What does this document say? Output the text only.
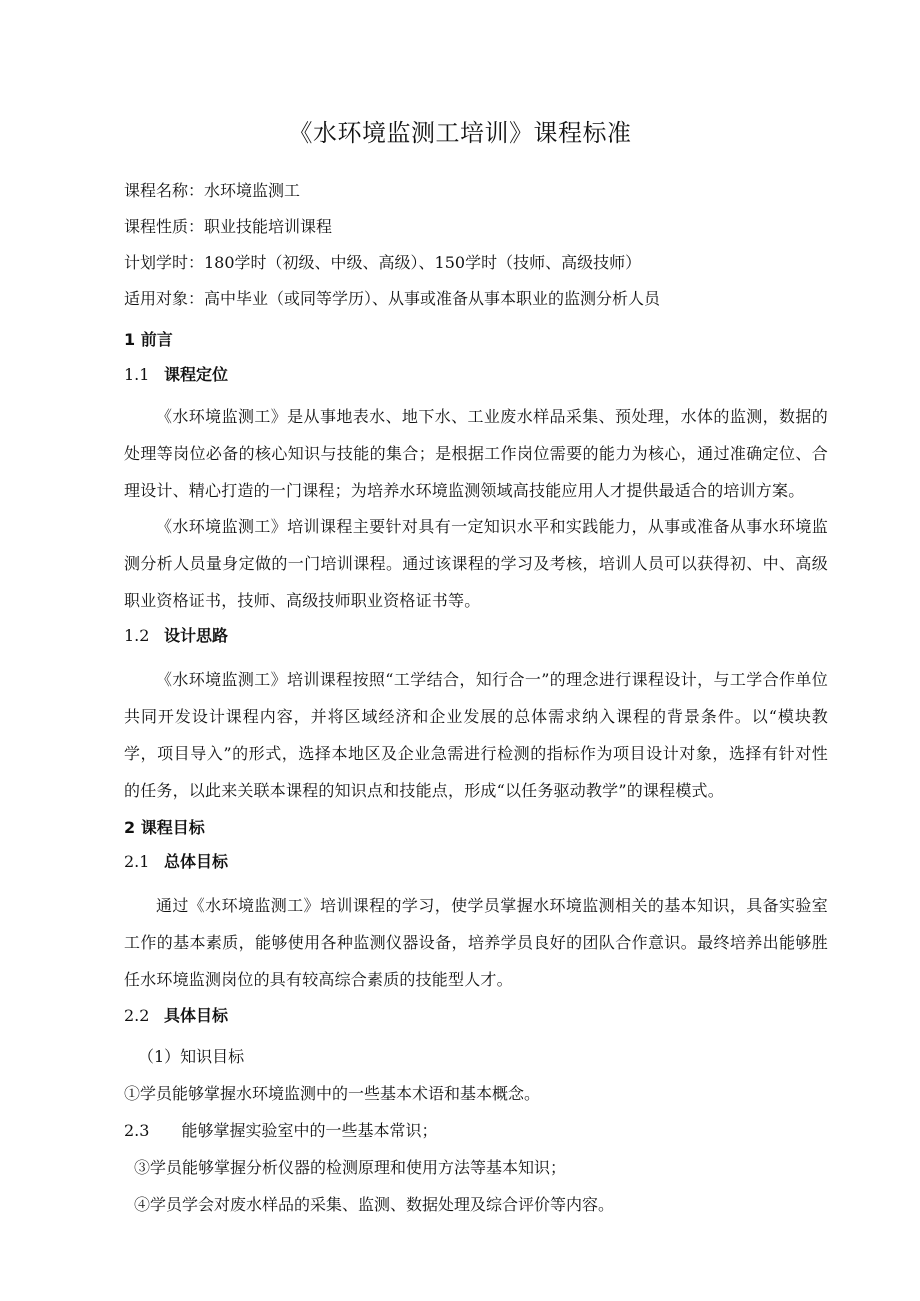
《水环境监测工培训》课程标准
课程名称：水环境监测工
课程性质：职业技能培训课程
计划学时：180学时（初级、中级、高级）、150学时（技师、高级技师）
适用对象：高中毕业（或同等学历）、从事或准备从事本职业的监测分析人员
1 前言
1.1 课程定位
《水环境监测工》是从事地表水、地下水、工业废水样品采集、预处理，水体的监测，数据的处理等岗位必备的核心知识与技能的集合；是根据工作岗位需要的能力为核心，通过准确定位、合理设计、精心打造的一门课程；为培养水环境监测领域高技能应用人才提供最适合的培训方案。
《水环境监测工》培训课程主要针对具有一定知识水平和实践能力，从事或准备从事水环境监测分析人员量身定做的一门培训课程。通过该课程的学习及考核，培训人员可以获得初、中、高级职业资格证书，技师、高级技师职业资格证书等。
1.2 设计思路
《水环境监测工》培训课程按照“工学结合，知行合一”的理念进行课程设计，与工学合作单位共同开发设计课程内容，并将区域经济和企业发展的总体需求纳入课程的背景条件。以“模块教学，项目导入”的形式，选择本地区及企业急需进行检测的指标作为项目设计对象，选择有针对性的任务，以此来关联本课程的知识点和技能点，形成“以任务驱动教学”的课程模式。
2 课程目标
2.1 总体目标
通过《水环境监测工》培训课程的学习，使学员掌握水环境监测相关的基本知识，具备实验室工作的基本素质，能够使用各种监测仪器设备，培养学员良好的团队合作意识。最终培养出能够胜任水环境监测岗位的具有较高综合素质的技能型人才。
2.2 具体目标
（1）知识目标
①学员能够掌握水环境监测中的一些基本术语和基本概念。
2.3　　能够掌握实验室中的一些基本常识；
③学员能够掌握分析仪器的检测原理和使用方法等基本知识；
④学员学会对废水样品的采集、监测、数据处理及综合评价等内容。
